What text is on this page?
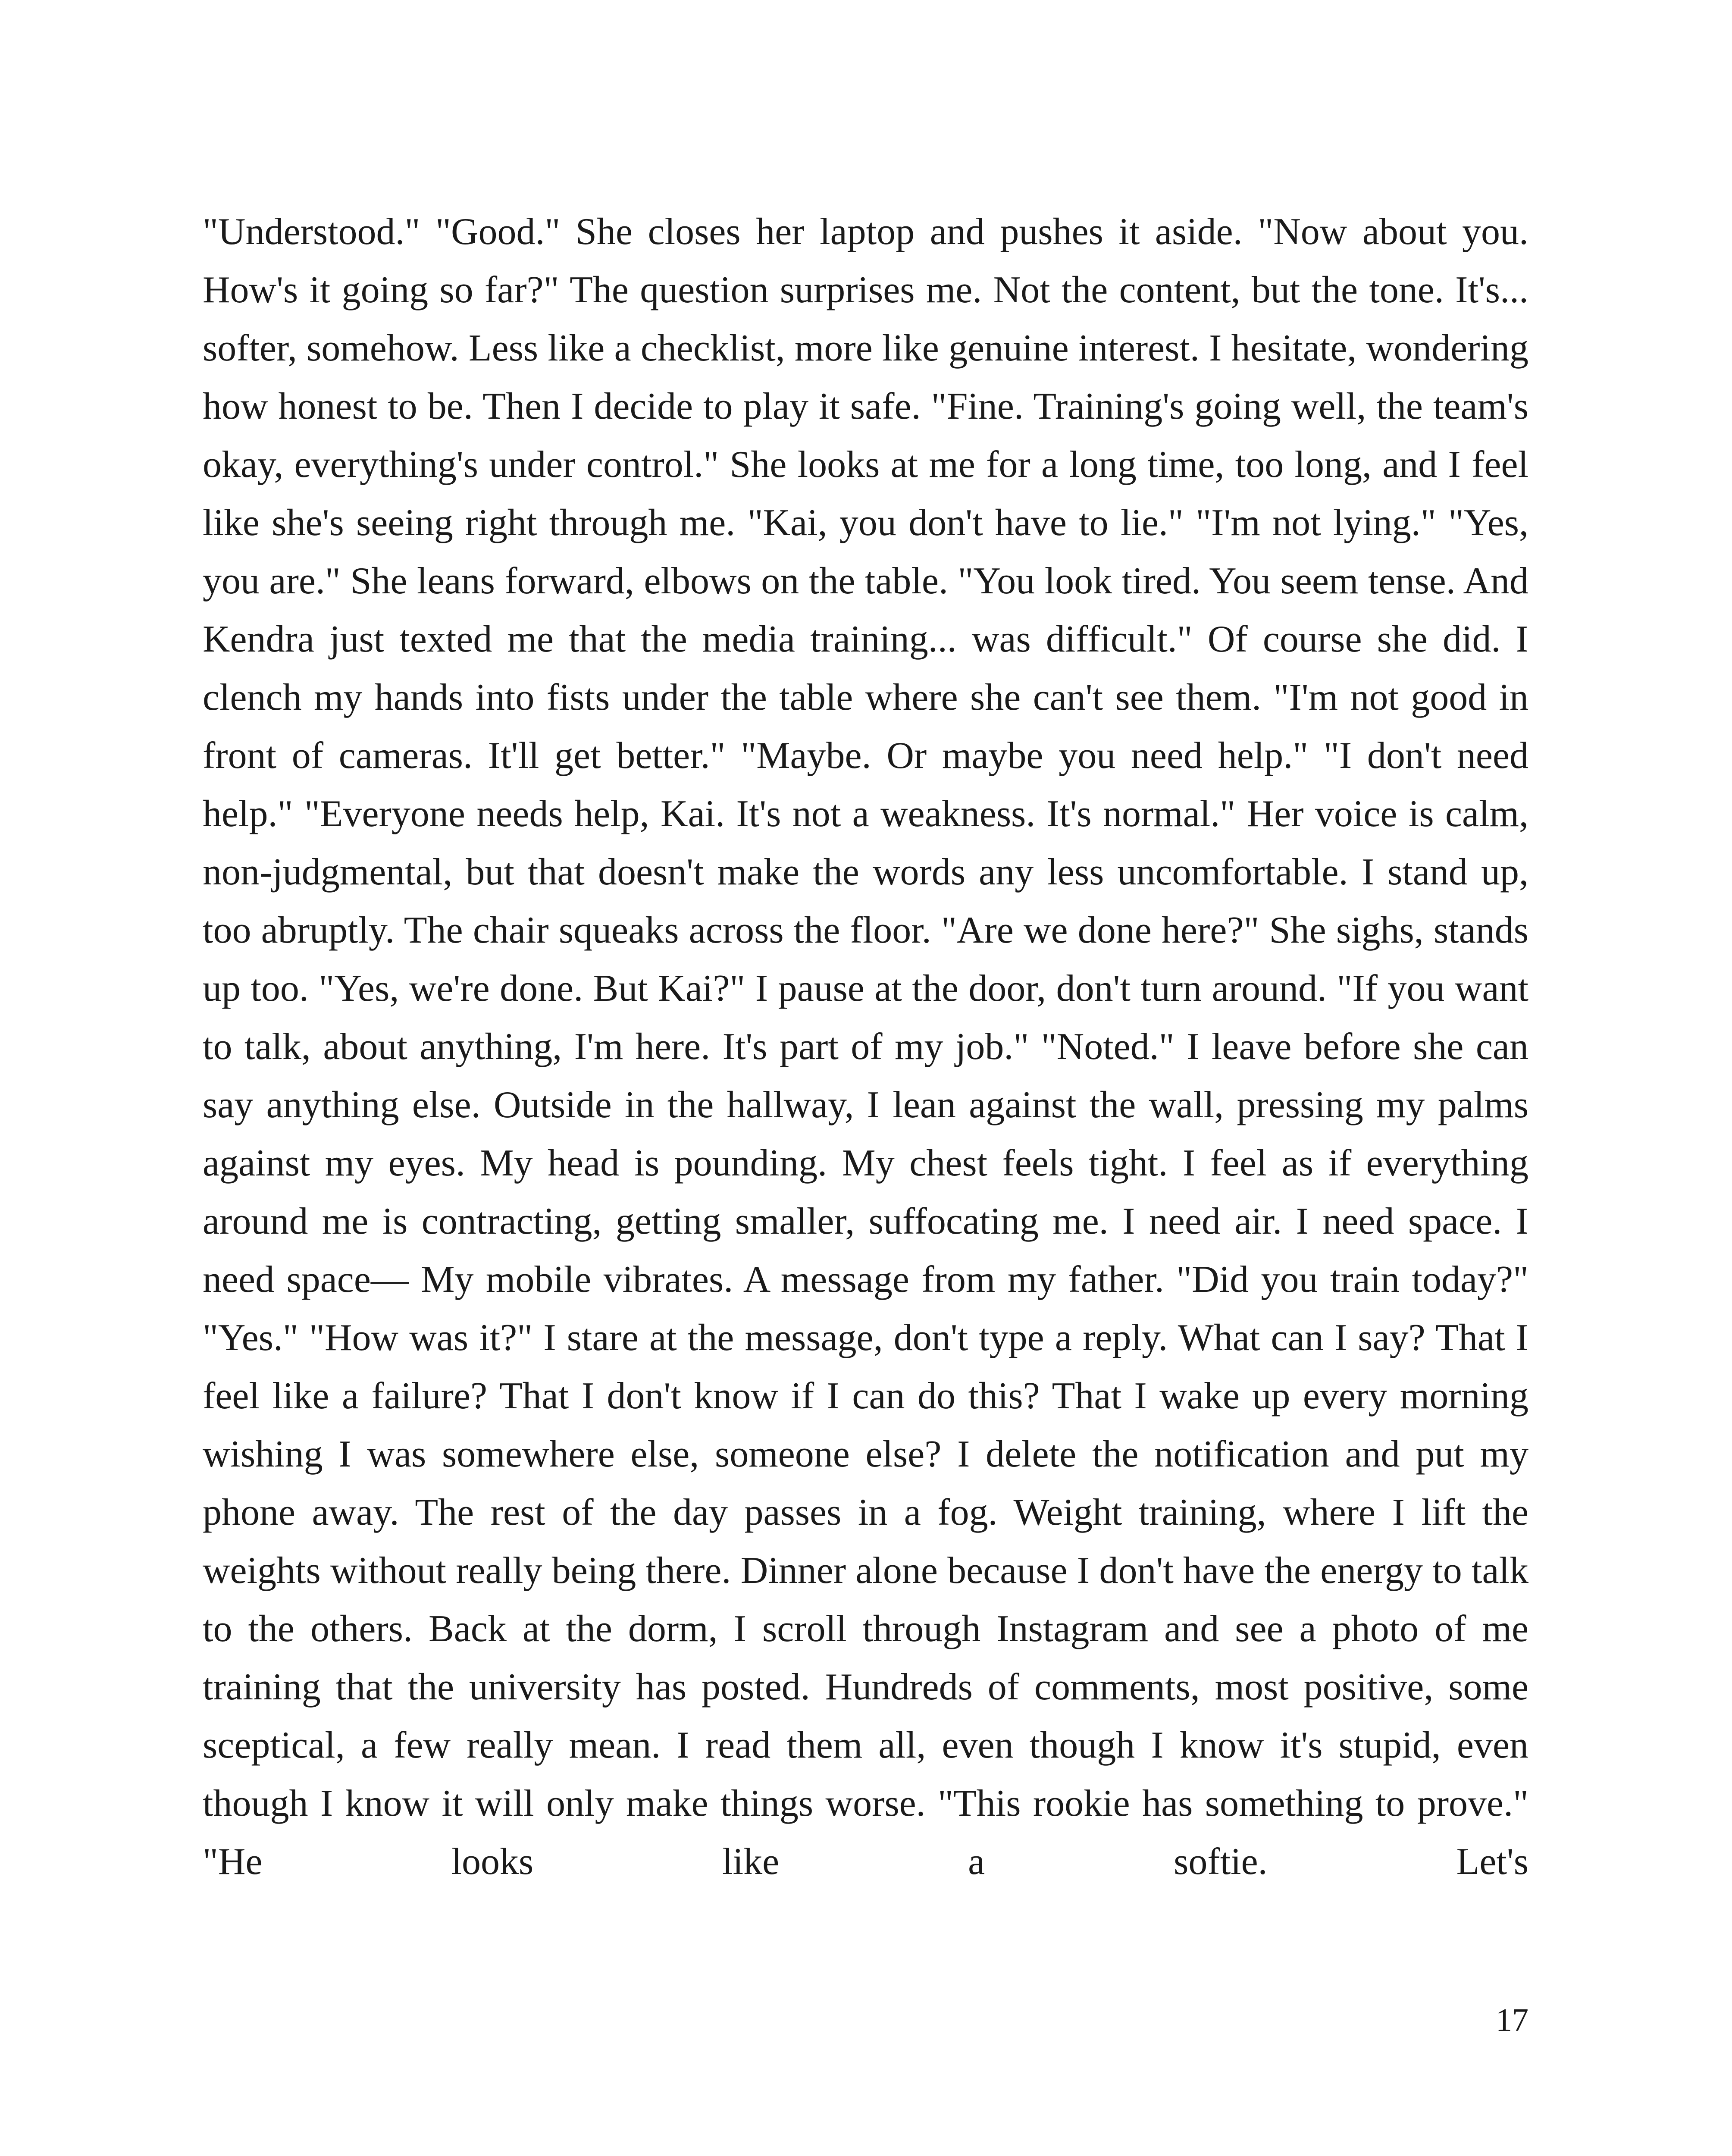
"Understood." "Good." She closes her laptop and pushes it aside. "Now about you. How's it going so far?" The question surprises me. Not the content, but the tone. It's... softer, somehow. Less like a checklist, more like genuine interest. I hesitate, wondering how honest to be. Then I decide to play it safe. "Fine. Training's going well, the team's okay, everything's under control." She looks at me for a long time, too long, and I feel like she's seeing right through me. "Kai, you don't have to lie." "I'm not lying." "Yes, you are." She leans forward, elbows on the table. "You look tired. You seem tense. And Kendra just texted me that the media training... was difficult." Of course she did. I clench my hands into fists under the table where she can't see them. "I'm not good in front of cameras. It'll get better." "Maybe. Or maybe you need help." "I don't need help." "Everyone needs help, Kai. It's not a weakness. It's normal." Her voice is calm, non-judgmental, but that doesn't make the words any less uncomfortable. I stand up, too abruptly. The chair squeaks across the floor. "Are we done here?" She sighs, stands up too. "Yes, we're done. But Kai?" I pause at the door, don't turn around. "If you want to talk, about anything, I'm here. It's part of my job." "Noted." I leave before she can say anything else. Outside in the hallway, I lean against the wall, pressing my palms against my eyes. My head is pounding. My chest feels tight. I feel as if everything around me is contracting, getting smaller, suffocating me. I need air. I need space. I need space— My mobile vibrates. A message from my father. "Did you train today?" "Yes." "How was it?" I stare at the message, don't type a reply. What can I say? That I feel like a failure? That I don't know if I can do this? That I wake up every morning wishing I was somewhere else, someone else? I delete the notification and put my phone away. The rest of the day passes in a fog. Weight training, where I lift the weights without really being there. Dinner alone because I don't have the energy to talk to the others. Back at the dorm, I scroll through Instagram and see a photo of me training that the university has posted. Hundreds of comments, most positive, some sceptical, a few really mean. I read them all, even though I know it's stupid, even though I know it will only make things worse. "This rookie has something to prove." "He looks like a softie. Let's

17
